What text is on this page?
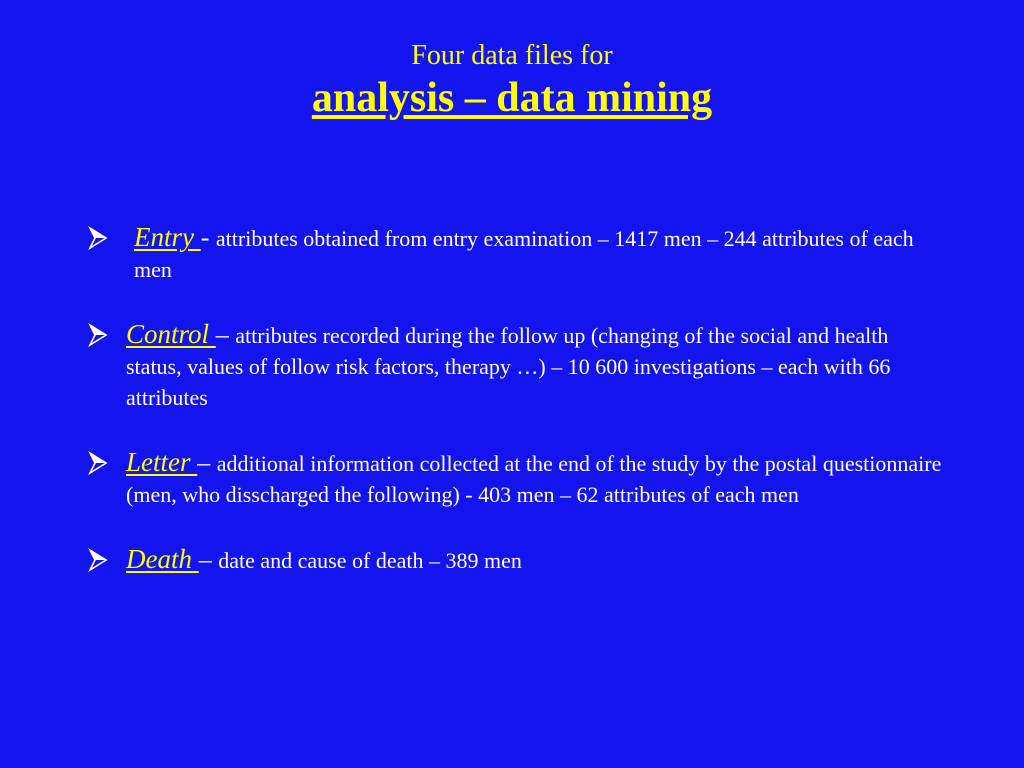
Four data files for
analysis – data mining
Entry - attributes obtained from entry examination – 1417 men – 244 attributes of each men
Control – attributes recorded during the follow up (changing of the social and health status, values of follow risk factors, therapy …) – 10 600 investigations – each with 66 attributes
Letter – additional information collected at the end of the study by the postal questionnaire (men, who disscharged the following) - 403 men – 62 attributes of each men
Death – date and cause of death – 389 men
